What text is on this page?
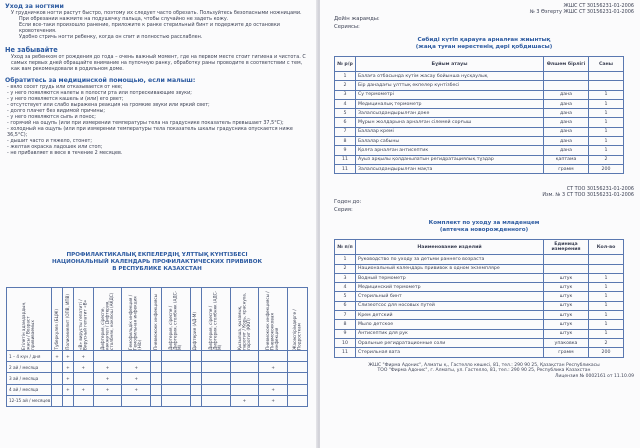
Уход за ногтями
У грудничков ногти растут быстро, поэтому их следует часто обрезать. Пользуйтесь безопасными ножницами.
При обрезании нажмите на подушечку пальца, чтобы случайно не задеть кожу.
Если все-таки произошло ранение, приложите к ранке стерильный бинт и подержите до остановки кровотечения.
Удобно стричь ногти ребенку, когда он спит и полностью расслаблен.
Не забывайте
Уход за ребенком от рождения до года – очень важный момент, где на первом месте стоит гигиена и чистота. С самых первых дней обращайте внимание на пупочную ранку, обработку раны проводите в соответствии с тем, как вам рекомендовали в родильном доме.
Обратитесь за медицинской помощью, если малыш:
- вяло сосет грудь или отказывается от нее;
- у него появляются налеты в полости рта или потрескивающие звуки;
- у него появляется кашель и (или) его рвет;
- отсутствует или слабо выражена реакция на громкие звуки или яркий свет;
- долго плачет без видимой причины;
- у него появляются сыпь и понос;
- горячий на ощупь (или при измерении температуры тела на градуснике показатель превышает 37,5°С);
- холодный на ощупь (или при измерении температуры тела показатель шкалы градусника опускается ниже 36,5°С);
- дышит часто и тяжело, стонет;
- желтая окраска ладошек или стоп;
- не прибавляет в весе в течение 2 месяцев.
ПРОФИЛАКТИКАЛЫҚ ЕКПЕЛЕРДІҢ ҰЛТТЫҚ КҮНТІЗБЕСІ
НАЦИОНАЛЬНЫЙ КАЛЕНДАРЬ ПРОФИЛАКТИЧЕСКИХ ПРИВИВОК
В РЕСПУБЛИКЕ КАЗАХСТАН
Егілетін адамдардың жасы / Возраст прививаемых	Туберкулез (БЦЖ)	Полиомиелит (ОПВ, ИПВ)	«В» вирусты гепатиті / Вирусный гепатит «В»	Дифтерия, сіреспе, көкжөтел / Дифтерия, столбняк, коклюш (АКДС)	Гемофильдік инфекция / Гемофильная инфекция (Hib)	Пневмококк инфекциясы	Дифтерия, сіреспе / Дифтерия, столбняк (АДС-М)	Дифтерия (АД-М)	Дифтерия, сіреспе / Дифтерия, столбняк (АДС-М)	Қызылша, қызамық, паротит / Корь, краснуха, паротит (ККП)	Пневмококк инфекциясы / Пневмококковая инфекция	Жасөспірімдерге / Подросткам

1 – 4 күн / дня	+	+	+									
2 ай / месяца		+	+	+	+						+	
3 ай / месяца		+		+	+							
4 ай / месяца		+	+	+	+						+	
12-15 ай / месяцев										+	+	
ЖШС СТ 30156231-01-2006
№ 3 Өзгерту ЖШС СТ 30156231-01-2006
Дейін жарамды:
Сериясы:
Сәбиді күтіп қарауға арналған жиынтық
(жаңа туған нәрестенің дәрі қобдишасы)
№ р/р	Бұйым атауы	Өлшем бірлігі	Саны
1	Балаға отбасында күтім жасау бойынша нұсқаулық		
2	Бір данадағы ұлттық екпелер күнтізбесі		
3	Су термометрі	дана	1
4	Медициналық термометр	дана	1
5	Залалсыздандырылған дәке	дана	1
6	Мұрын жолдарына арналған сілемей сорғыш	дана	1
7	Балалар кремі	дана	1
8	Балалар сабыны	дана	1
9	Қолға арналған антисептик	дана	1
11	Ауыз арқылы қолданылатын регидратациялық тұздар	қаптама	2
11	Залалсыздандырылған мақта	грамм	200
СТ ТОО 30156231-01-2006
Изм. № 3 СТ ТОО 30156231-01-2006
Годен до:
Серия:
Комплект по уходу за младенцем
(аптечка новорожденного)
№ п/п	Наименование изделий	Единица измерения	Кол-во
1	Руководство по уходу за детьми раннего возраста		
2	Национальный календарь прививок в одном экземпляре		
3	Водный термометр	штук	1
4	Медицинский термометр	штук	1
5	Стерильный бинт	штук	1
6	Слизеотсос для носовых путей	штук	1
7	Крем детский	штук	1
8	Мыло детское	штук	1
9	Антисептик для рук	штук	1
10	Оральные регидратационные соли	упаковка	2
11	Стерильная вата	грамм	200
ЖШС "Фирма Адонис", Алматы қ., Гастелло көшесі, 81, тел.: 290 90 25, Қазақстан Республикасы
ТОО "Фирма Адонис", г. Алматы, ул. Гастелло, 81, тел.: 290 90 25, Республика Казахстан
Лицензия № 0002161 от 11.10.09
